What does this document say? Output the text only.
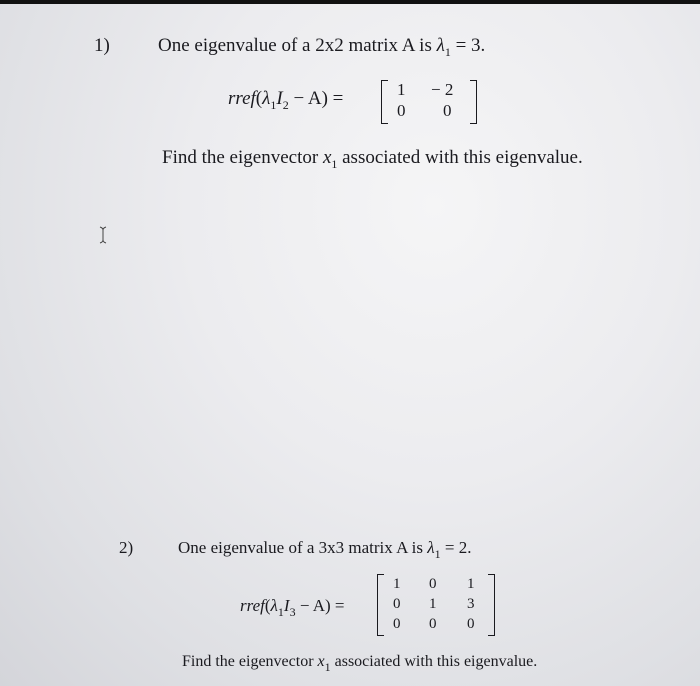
1)	One eigenvalue of a 2x2 matrix A is $\lambda_1 = 3$.
$rref(\lambda_1I_2 - A)$ =	1 − 2
0 0
Find the eigenvector $x_1$ associated with this eigenvalue.
2)	One eigenvalue of a 3x3 matrix A is $\lambda_1 = 2$.
$rref(\lambda_1I_3 - A)$ =
1 0 1
0 1 3
0 0 0
Find the eigenvector $x_1$ associated with this eigenvalue.
